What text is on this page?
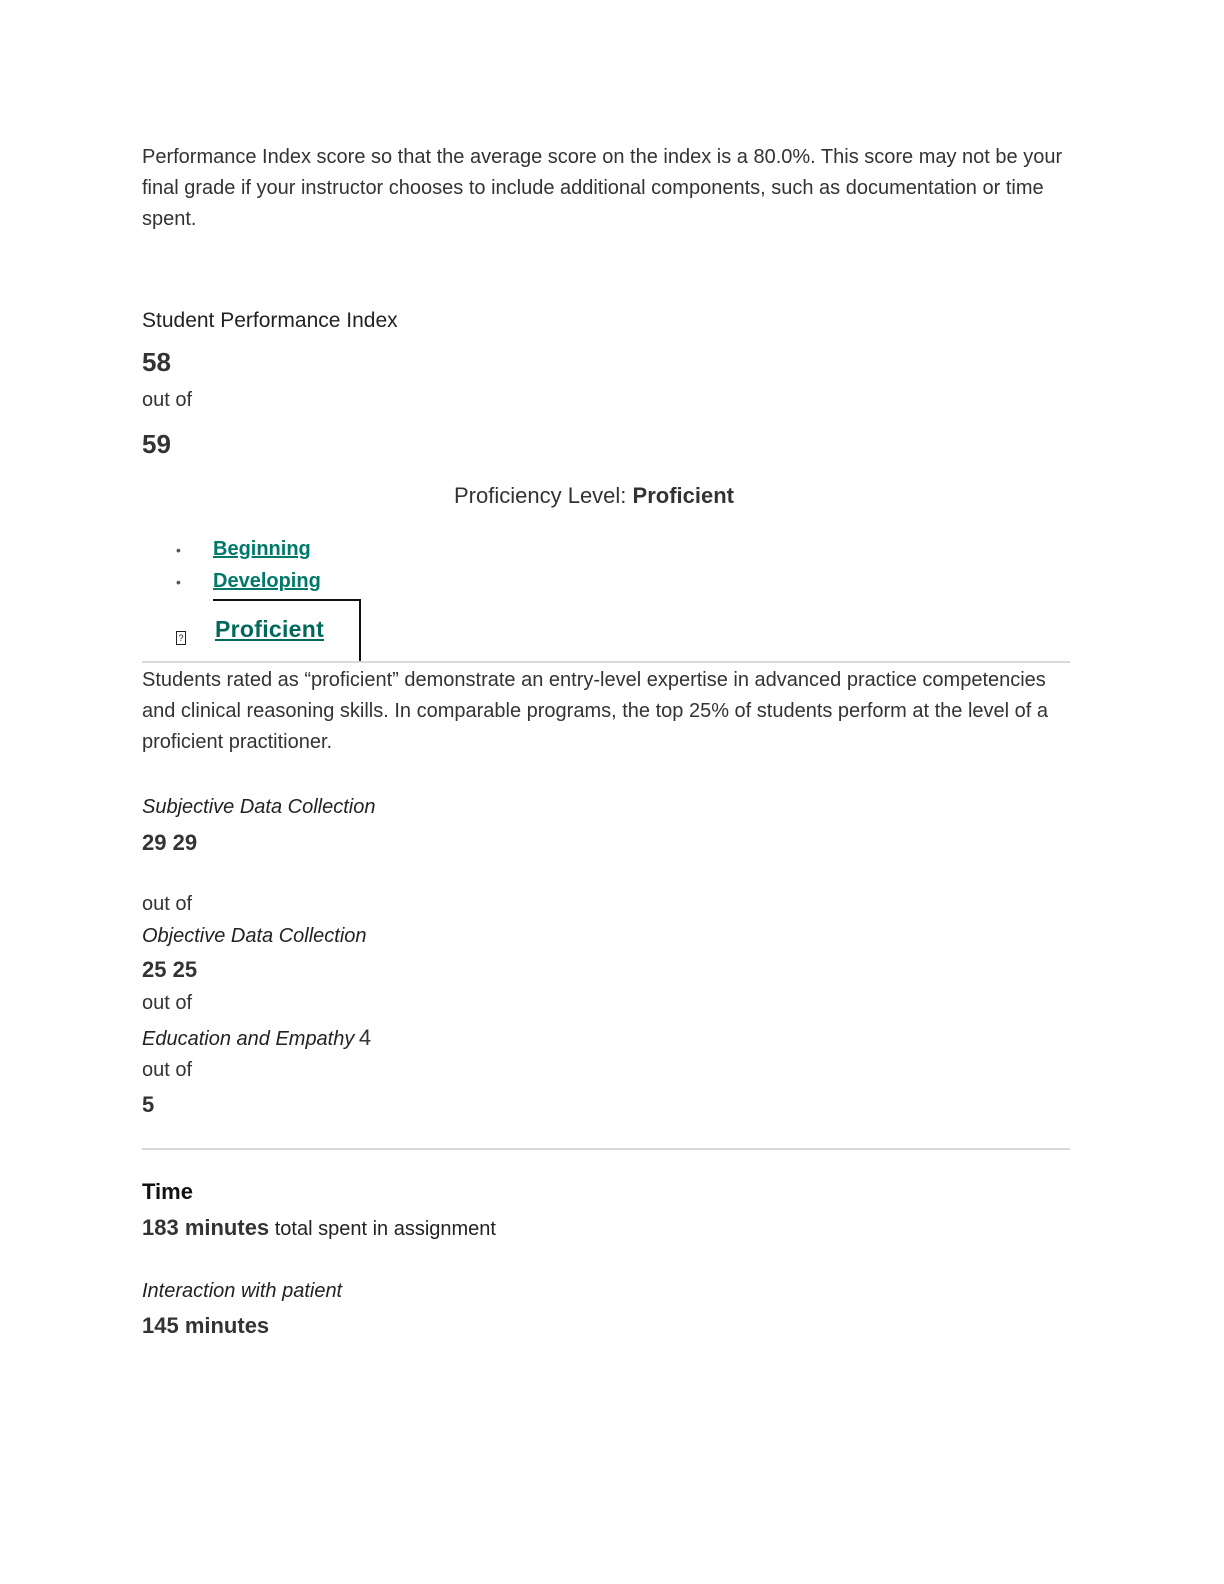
Performance Index score so that the average score on the index is a 80.0%. This score may not be your final grade if your instructor chooses to include additional components, such as documentation or time spent.
Student Performance Index
58
out of
59
Proficiency Level: Proficient
• Beginning
• Developing
? Proficient
Students rated as “proficient” demonstrate an entry-level expertise in advanced practice competencies and clinical reasoning skills. In comparable programs, the top 25% of students perform at the level of a proficient practitioner.
Subjective Data Collection
29 29
out of
Objective Data Collection
25 25
out of
Education and Empathy 4
out of
5
Time
183 minutes total spent in assignment
Interaction with patient
145 minutes
